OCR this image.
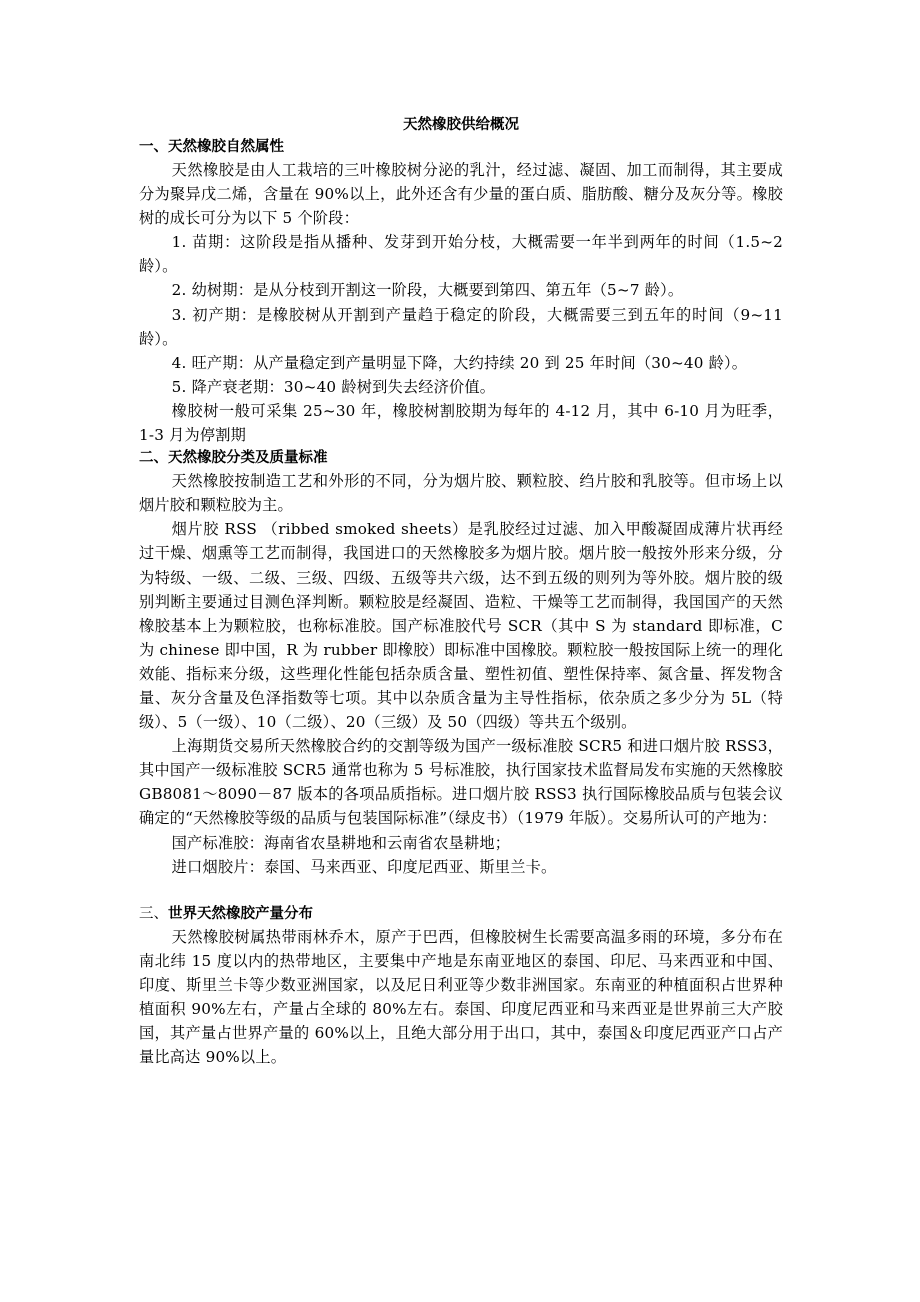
天然橡胶供给概况
一、天然橡胶自然属性

天然橡胶是由人工栽培的三叶橡胶树分泌的乳汁，经过滤、凝固、加工而制得，其主要成分为聚异戊二烯，含量在 90%以上，此外还含有少量的蛋白质、脂肪酸、糖分及灰分等。橡胶树的成长可分为以下 5 个阶段：

1. 苗期：这阶段是指从播种、发芽到开始分枝，大概需要一年半到两年的时间（1.5~2 龄）。

2. 幼树期：是从分枝到开割这一阶段，大概要到第四、第五年（5~7 龄）。

3. 初产期：是橡胶树从开割到产量趋于稳定的阶段，大概需要三到五年的时间（9~11 龄）。

4. 旺产期：从产量稳定到产量明显下降，大约持续 20 到 25 年时间（30~40 龄）。

5. 降产衰老期：30~40 龄树到失去经济价值。

橡胶树一般可采集 25~30 年，橡胶树割胶期为每年的 4-12 月，其中 6-10 月为旺季，1-3 月为停割期

二、天然橡胶分类及质量标准

天然橡胶按制造工艺和外形的不同，分为烟片胶、颗粒胶、绉片胶和乳胶等。但市场上以烟片胶和颗粒胶为主。

烟片胶 RSS （ribbed smoked sheets）是乳胶经过过滤、加入甲酸凝固成薄片状再经过干燥、烟熏等工艺而制得，我国进口的天然橡胶多为烟片胶。烟片胶一般按外形来分级，分为特级、一级、二级、三级、四级、五级等共六级，达不到五级的则列为等外胶。烟片胶的级别判断主要通过目测色泽判断。颗粒胶是经凝固、造粒、干燥等工艺而制得，我国国产的天然橡胶基本上为颗粒胶，也称标准胶。国产标准胶代号 SCR（其中 S 为 standard 即标准，C 为 chinese 即中国，R 为 rubber 即橡胶）即标准中国橡胶。颗粒胶一般按国际上统一的理化效能、指标来分级，这些理化性能包括杂质含量、塑性初值、塑性保持率、氮含量、挥发物含量、灰分含量及色泽指数等七项。其中以杂质含量为主导性指标，依杂质之多少分为 5L（特级）、5（一级）、10（二级）、20（三级）及 50（四级）等共五个级别。

上海期货交易所天然橡胶合约的交割等级为国产一级标准胶 SCR5 和进口烟片胶 RSS3，其中国产一级标准胶 SCR5 通常也称为 5 号标准胶，执行国家技术监督局发布实施的天然橡胶 GB8081～8090－87 版本的各项品质指标。进口烟片胶 RSS3 执行国际橡胶品质与包装会议确定的“天然橡胶等级的品质与包装国际标准”（绿皮书）（1979 年版）。交易所认可的产地为：

国产标准胶：海南省农垦耕地和云南省农垦耕地；

进口烟胶片：泰国、马来西亚、印度尼西亚、斯里兰卡。

三、世界天然橡胶产量分布

天然橡胶树属热带雨林乔木，原产于巴西，但橡胶树生长需要高温多雨的环境，多分布在南北纬 15 度以内的热带地区，主要集中产地是东南亚地区的泰国、印尼、马来西亚和中国、印度、斯里兰卡等少数亚洲国家，以及尼日利亚等少数非洲国家。东南亚的种植面积占世界种植面积 90%左右，产量占全球的 80%左右。泰国、印度尼西亚和马来西亚是世界前三大产胶国，其产量占世界产量的 60%以上，且绝大部分用于出口，其中，泰国＆印度尼西亚产口占产量比高达 90%以上。
